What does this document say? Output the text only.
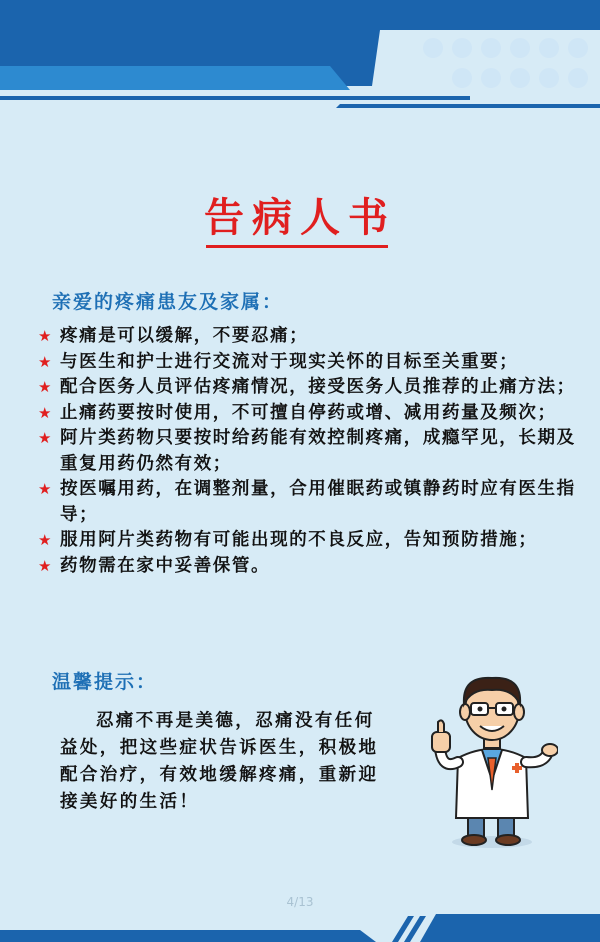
告病人书
亲爱的疼痛患友及家属：
★ 疼痛是可以缓解，不要忍痛；
★ 与医生和护士进行交流对于现实关怀的目标至关重要；
★ 配合医务人员评估疼痛情况，接受医务人员推荐的止痛方法；
★ 止痛药要按时使用，不可擅自停药或增、减用药量及频次；
★ 阿片类药物只要按时给药能有效控制疼痛，成瘾罕见，长期及重复用药仍然有效；
★ 按医嘱用药，在调整剂量，合用催眠药或镇静药时应有医生指导；
★ 服用阿片类药物有可能出现的不良反应，告知预防措施；
★ 药物需在家中妥善保管。
温馨提示：
忍痛不再是美德，忍痛没有任何益处，把这些症状告诉医生，积极地配合治疗，有效地缓解疼痛，重新迎接美好的生活！
4/13
